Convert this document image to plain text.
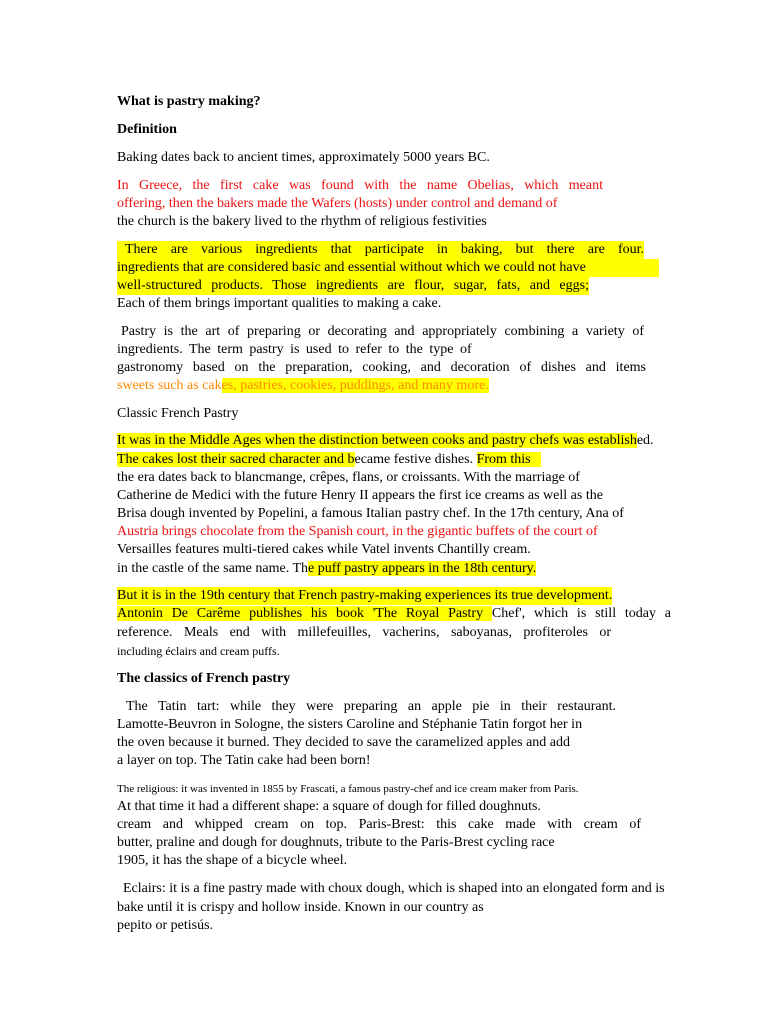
What is pastry making?

Definition

Baking dates back to ancient times, approximately 5000 years BC.

In Greece, the first cake was found with the name Obelias, which meant

offering, then the bakers made the Wafers (hosts) under control and demand of

the church is the bakery lived to the rhythm of religious festivities

There are various ingredients that participate in baking, but there are four.

ingredients that are considered basic and essential without which we could not have

well-structured products. Those ingredients are flour, sugar, fats, and eggs;

Each of them brings important qualities to making a cake.

Pastry is the art of preparing or decorating and appropriately combining a variety of

ingredients. The term pastry is used to refer to the type of

gastronomy based on the preparation, cooking, and decoration of dishes and items

sweets such as cakes, pastries, cookies, puddings, and many more.

Classic French Pastry

It was in the Middle Ages when the distinction between cooks and pastry chefs was established.

The cakes lost their sacred character and became festive dishes. From this

the era dates back to blancmange, crêpes, flans, or croissants. With the marriage of

Catherine de Medici with the future Henry II appears the first ice creams as well as the

Brisa dough invented by Popelini, a famous Italian pastry chef. In the 17th century, Ana of

Austria brings chocolate from the Spanish court, in the gigantic buffets of the court of

Versailles features multi-tiered cakes while Vatel invents Chantilly cream.

in the castle of the same name. The puff pastry appears in the 18th century.

But it is in the 19th century that French pastry-making experiences its true development.

Antonin De Carême publishes his book 'The Royal Pastry Chef', which is still today a

reference. Meals end with millefeuilles, vacherins, saboyanas, profiteroles or

including éclairs and cream puffs.

The classics of French pastry

The Tatin tart: while they were preparing an apple pie in their restaurant.

Lamotte-Beuvron in Sologne, the sisters Caroline and Stéphanie Tatin forgot her in

the oven because it burned. They decided to save the caramelized apples and add

a layer on top. The Tatin cake had been born!

The religious: it was invented in 1855 by Frascati, a famous pastry-chef and ice cream maker from Paris.

At that time it had a different shape: a square of dough for filled doughnuts.

cream and whipped cream on top. Paris-Brest: this cake made with cream of

butter, praline and dough for doughnuts, tribute to the Paris-Brest cycling race

1905, it has the shape of a bicycle wheel.

Eclairs: it is a fine pastry made with choux dough, which is shaped into an elongated form and is

bake until it is crispy and hollow inside. Known in our country as

pepito or petisús.
